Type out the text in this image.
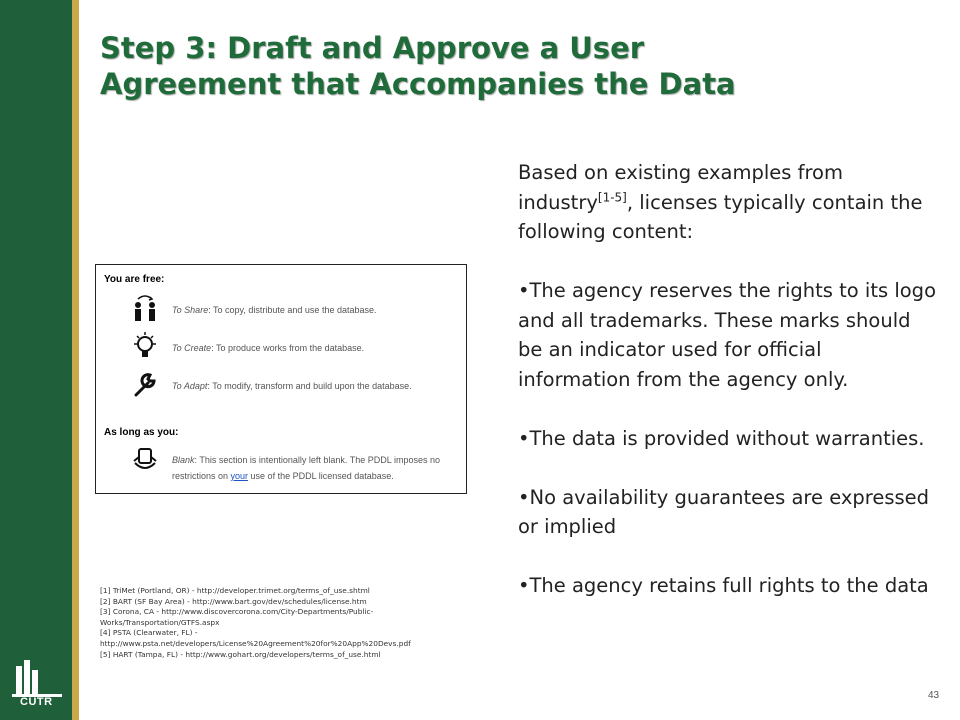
CUTR
Step 3: Draft and Approve a User
Agreement that Accompanies the Data
You are free:
To Share: To copy, distribute and use the database.
To Create: To produce works from the database.
To Adapt: To modify, transform and build upon the database.
As long as you:
Blank: This section is intentionally left blank. The PDDL imposes no
restrictions on your use of the PDDL licensed database.
[1] TriMet (Portland, OR) - http://developer.trimet.org/terms_of_use.shtml
[2] BART (SF Bay Area) - http://www.bart.gov/dev/schedules/license.htm
[3] Corona, CA - http://www.discovercorona.com/City-Departments/Public-
Works/Transportation/GTFS.aspx
[4] PSTA (Clearwater, FL) -
http://www.psta.net/developers/License%20Agreement%20for%20App%20Devs.pdf
[5] HART (Tampa, FL) - http://www.gohart.org/developers/terms_of_use.html

Based on existing examples from industry[1-5], licenses typically contain the following content:

•The agency reserves the rights to its logo and all trademarks. These marks should be an indicator used for official information from the agency only.

•The data is provided without warranties.

•No availability guarantees are expressed or implied

•The agency retains full rights to the data

43
